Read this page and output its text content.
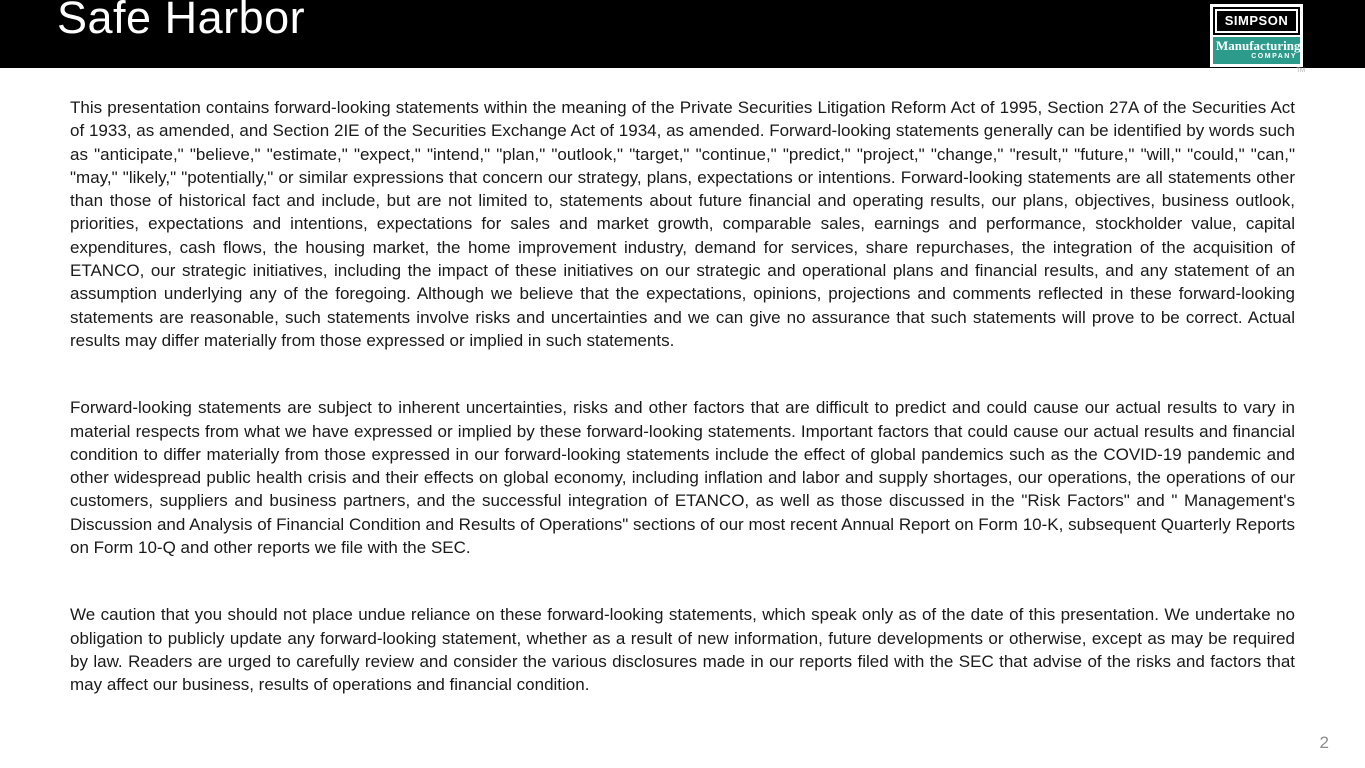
Safe Harbor	SIMPSON
Manufacturing
COMPANY
TM

This presentation contains forward-looking statements within the meaning of the Private Securities Litigation Reform Act of 1995, Section 27A of the Securities Act of 1933, as amended, and Section 2IE of the Securities Exchange Act of 1934, as amended. Forward-looking statements generally can be identified by words such as "anticipate," "believe," "estimate," "expect," "intend," "plan," "outlook," "target," "continue," "predict," "project," "change," "result," "future," "will," "could," "can," "may," "likely," "potentially," or similar expressions that concern our strategy, plans, expectations or intentions. Forward-looking statements are all statements other than those of historical fact and include, but are not limited to, statements about future financial and operating results, our plans, objectives, business outlook, priorities, expectations and intentions, expectations for sales and market growth, comparable sales, earnings and performance, stockholder value, capital expenditures, cash flows, the housing market, the home improvement industry, demand for services, share repurchases, the integration of the acquisition of ETANCO, our strategic initiatives, including the impact of these initiatives on our strategic and operational plans and financial results, and any statement of an assumption underlying any of the foregoing. Although we believe that the expectations, opinions, projections and comments reflected in these forward-looking statements are reasonable, such statements involve risks and uncertainties and we can give no assurance that such statements will prove to be correct. Actual results may differ materially from those expressed or implied in such statements.

Forward-looking statements are subject to inherent uncertainties, risks and other factors that are difficult to predict and could cause our actual results to vary in material respects from what we have expressed or implied by these forward-looking statements. Important factors that could cause our actual results and financial condition to differ materially from those expressed in our forward-looking statements include the effect of global pandemics such as the COVID-19 pandemic and other widespread public health crisis and their effects on global economy, including inflation and labor and supply shortages, our operations, the operations of our customers, suppliers and business partners, and the successful integration of ETANCO, as well as those discussed in the "Risk Factors" and " Management's Discussion and Analysis of Financial Condition and Results of Operations" sections of our most recent Annual Report on Form 10-K, subsequent Quarterly Reports on Form 10-Q and other reports we file with the SEC.

We caution that you should not place undue reliance on these forward-looking statements, which speak only as of the date of this presentation. We undertake no obligation to publicly update any forward-looking statement, whether as a result of new information, future developments or otherwise, except as may be required by law. Readers are urged to carefully review and consider the various disclosures made in our reports filed with the SEC that advise of the risks and factors that may affect our business, results of operations and financial condition.

2
